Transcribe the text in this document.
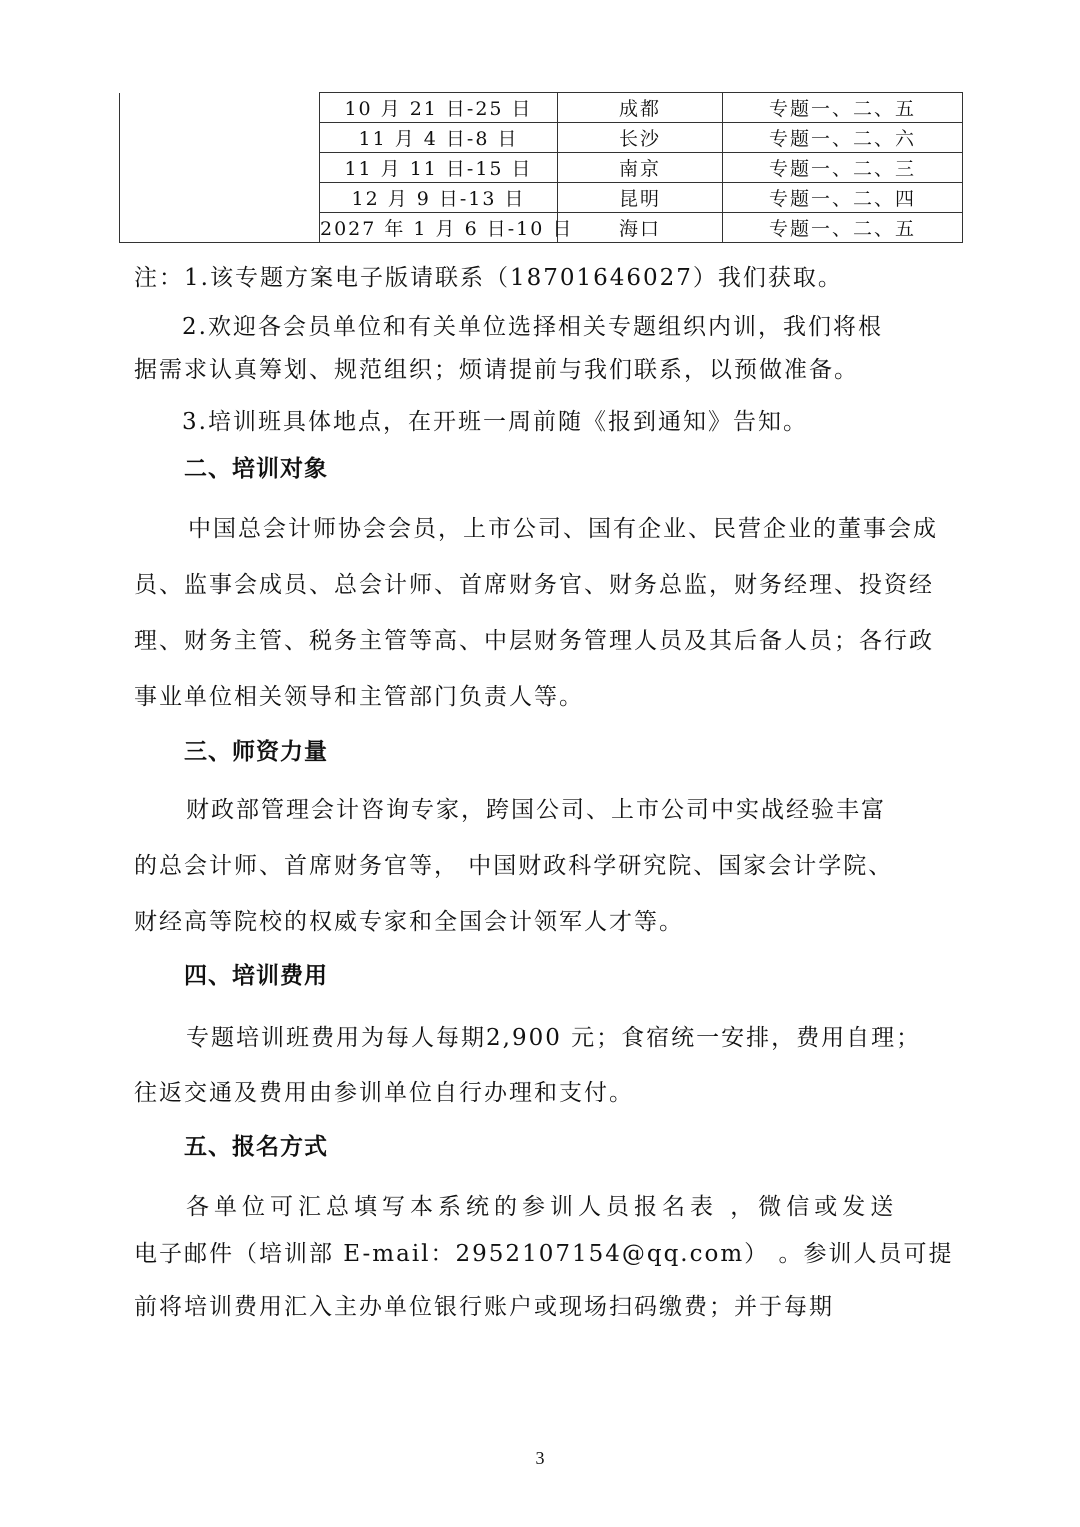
	10 月 21 日-25 日	成都	专题一、二、五
	11 月 4 日-8 日	长沙	专题一、二、六
	11 月 11 日-15 日	南京	专题一、二、三
	12 月 9 日-13 日	昆明	专题一、二、四
	2027 年 1 月 6 日-10 日	海口	专题一、二、五

注：1.该专题方案电子版请联系（18701646027）我们获取。

2.欢迎各会员单位和有关单位选择相关专题组织内训，我们将根

据需求认真筹划、规范组织；烦请提前与我们联系，以预做准备。

3.培训班具体地点，在开班一周前随《报到通知》告知。

二、培训对象

中国总会计师协会会员，上市公司、国有企业、民营企业的董事会成

员、监事会成员、总会计师、首席财务官、财务总监，财务经理、投资经

理、财务主管、税务主管等高、中层财务管理人员及其后备人员；各行政

事业单位相关领导和主管部门负责人等。

三、师资力量

财政部管理会计咨询专家，跨国公司、上市公司中实战经验丰富

的总会计师、首席财务官等， 中国财政科学研究院、国家会计学院、

财经高等院校的权威专家和全国会计领军人才等。

四、培训费用

专题培训班费用为每人每期2,900 元；食宿统一安排，费用自理；

往返交通及费用由参训单位自行办理和支付。

五、报名方式

各单位可汇总填写本系统的参训人员报名表 ，微信或发送

电子邮件（培训部 E-mail：2952107154@qq.com） 。参训人员可提

前将培训费用汇入主办单位银行账户或现场扫码缴费；并于每期

3
